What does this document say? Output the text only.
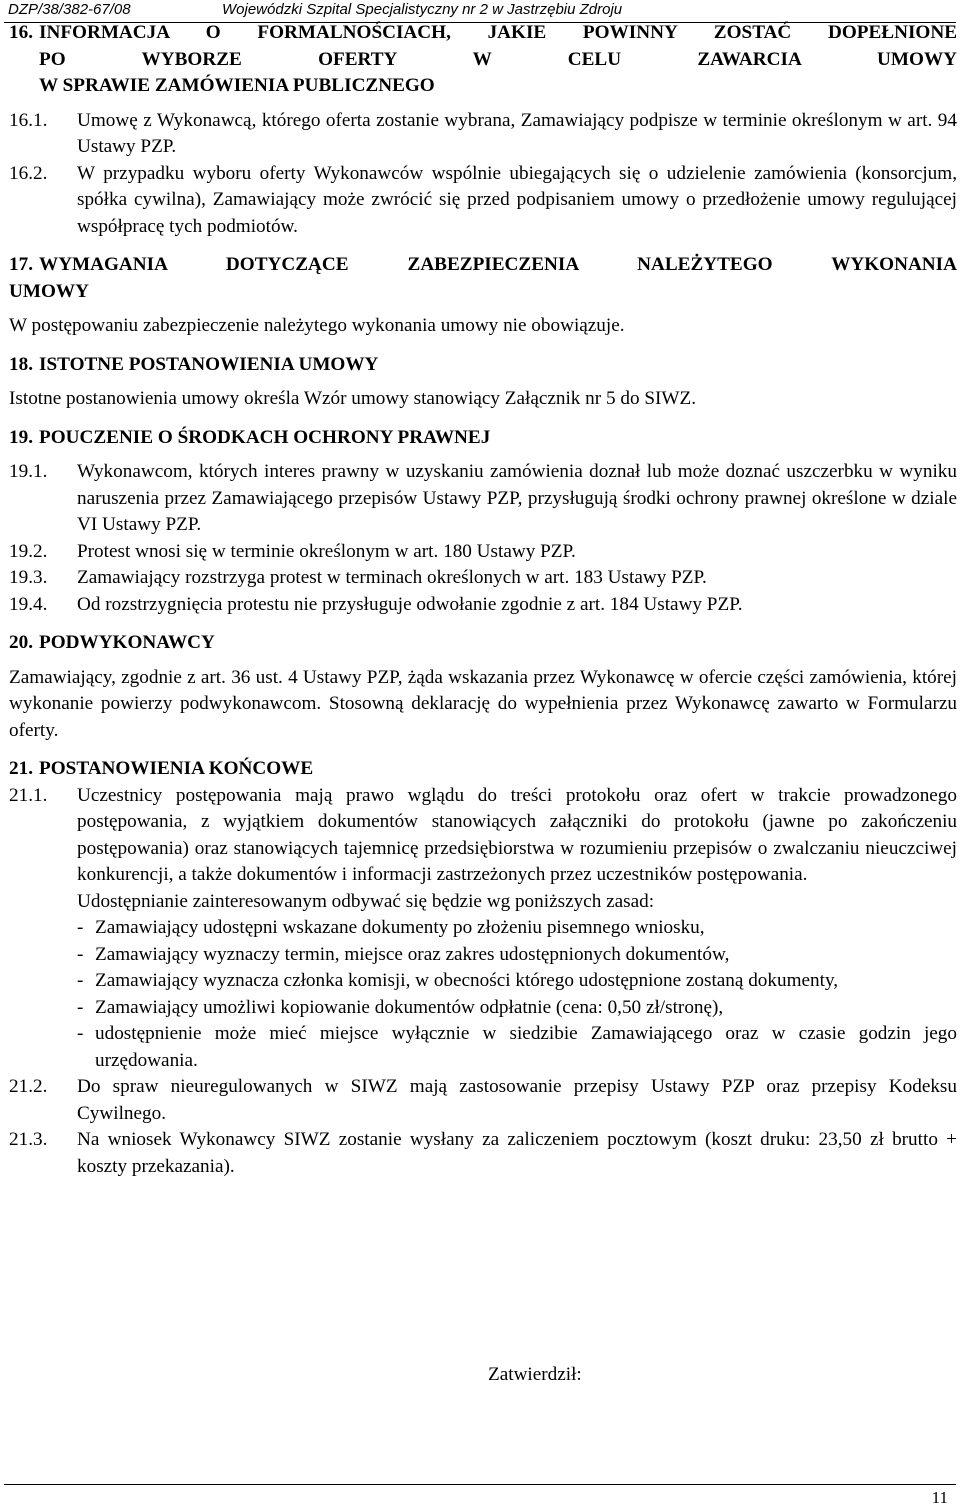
DZP/38/382-67/08	Wojewódzki Szpital Specjalistyczny nr 2 w Jastrzębiu Zdroju
16. INFORMACJA O FORMALNOŚCIACH, JAKIE POWINNY ZOSTAĆ DOPEŁNIONE
PO WYBORZE OFERTY W CELU ZAWARCIA UMOWY
W SPRAWIE ZAMÓWIENIA PUBLICZNEGO
16.1. Umowę z Wykonawcą, którego oferta zostanie wybrana, Zamawiający podpisze w terminie określonym w art. 94 Ustawy PZP.
16.2. W przypadku wyboru oferty Wykonawców wspólnie ubiegających się o udzielenie zamówienia (konsorcjum, spółka cywilna), Zamawiający może zwrócić się przed podpisaniem umowy o przedłożenie umowy regulującej współpracę tych podmiotów.
17. WYMAGANIA DOTYCZĄCE ZABEZPIECZENIA NALEŻYTEGO WYKONANIA
UMOWY
W postępowaniu zabezpieczenie należytego wykonania umowy nie obowiązuje.
18. ISTOTNE POSTANOWIENIA UMOWY
Istotne postanowienia umowy określa Wzór umowy stanowiący Załącznik nr 5 do SIWZ.
19. POUCZENIE O ŚRODKACH OCHRONY PRAWNEJ
19.1. Wykonawcom, których interes prawny w uzyskaniu zamówienia doznał lub może doznać uszczerbku w wyniku naruszenia przez Zamawiającego przepisów Ustawy PZP, przysługują środki ochrony prawnej określone w dziale VI Ustawy PZP.
19.2. Protest wnosi się w terminie określonym w art. 180 Ustawy PZP.
19.3. Zamawiający rozstrzyga protest w terminach określonych w art. 183 Ustawy PZP.
19.4. Od rozstrzygnięcia protestu nie przysługuje odwołanie zgodnie z art. 184 Ustawy PZP.
20. PODWYKONAWCY
Zamawiający, zgodnie z art. 36 ust. 4 Ustawy PZP, żąda wskazania przez Wykonawcę w ofercie części zamówienia, której wykonanie powierzy podwykonawcom. Stosowną deklarację do wypełnienia przez Wykonawcę zawarto w Formularzu oferty.
21. POSTANOWIENIA KOŃCOWE
21.1. Uczestnicy postępowania mają prawo wglądu do treści protokołu oraz ofert w trakcie prowadzonego postępowania, z wyjątkiem dokumentów stanowiących załączniki do protokołu (jawne po zakończeniu postępowania) oraz stanowiących tajemnicę przedsiębiorstwa w rozumieniu przepisów o zwalczaniu nieuczciwej konkurencji, a także dokumentów i informacji zastrzeżonych przez uczestników postępowania.
Udostępnianie zainteresowanym odbywać się będzie wg poniższych zasad:
- Zamawiający udostępni wskazane dokumenty po złożeniu pisemnego wniosku,
- Zamawiający wyznaczy termin, miejsce oraz zakres udostępnionych dokumentów,
- Zamawiający wyznacza członka komisji, w obecności którego udostępnione zostaną dokumenty,
- Zamawiający umożliwi kopiowanie dokumentów odpłatnie (cena: 0,50 zł/stronę),
- udostępnienie może mieć miejsce wyłącznie w siedzibie Zamawiającego oraz w czasie godzin jego urzędowania.
21.2. Do spraw nieuregulowanych w SIWZ mają zastosowanie przepisy Ustawy PZP oraz przepisy Kodeksu Cywilnego.
21.3. Na wniosek Wykonawcy SIWZ zostanie wysłany za zaliczeniem pocztowym (koszt druku: 23,50 zł brutto + koszty przekazania).
Zatwierdził:
11
